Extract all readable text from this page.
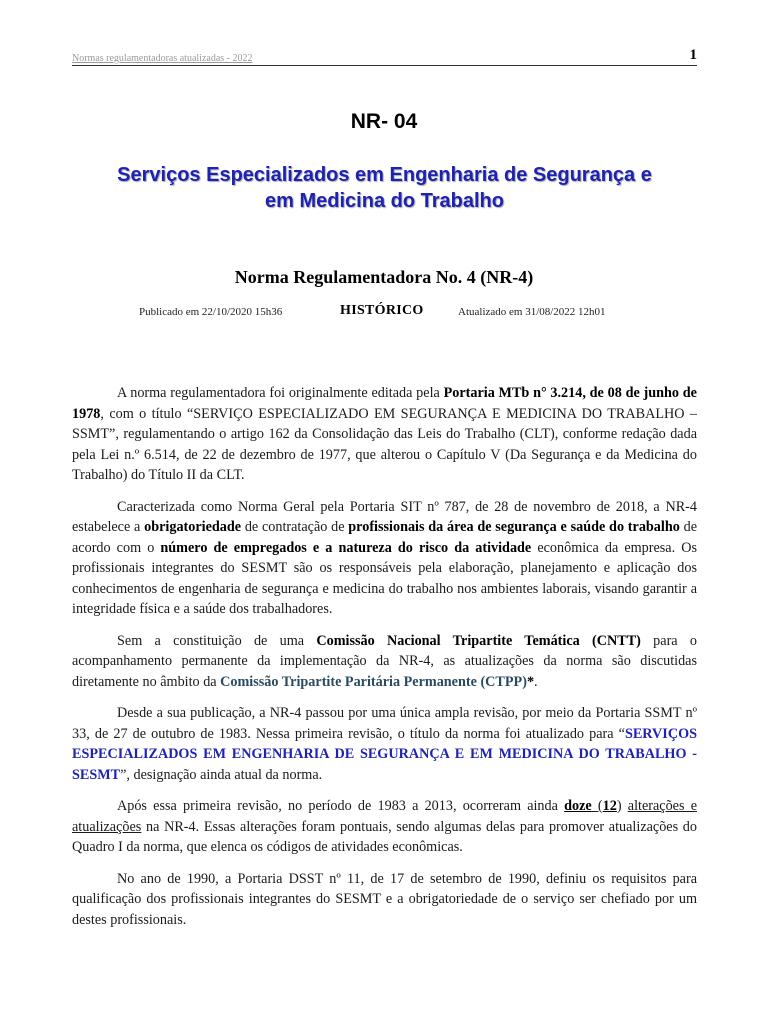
Normas regulamentadoras atualizadas - 2022	1
NR- 04
Serviços Especializados em Engenharia de Segurança e
em Medicina do Trabalho
Norma Regulamentadora No. 4 (NR-4)
Publicado em 22/10/2020 15h36	HISTÓRICO	Atualizado em 31/08/2022 12h01

A norma regulamentadora foi originalmente editada pela Portaria MTb n° 3.214, de 08 de junho de 1978, com o título “SERVIÇO ESPECIALIZADO EM SEGURANÇA E MEDICINA DO TRABALHO – SSMT”, regulamentando o artigo 162 da Consolidação das Leis do Trabalho (CLT), conforme redação dada pela Lei n.º 6.514, de 22 de dezembro de 1977, que alterou o Capítulo V (Da Segurança e da Medicina do Trabalho) do Título II da CLT.

Caracterizada como Norma Geral pela Portaria SIT nº 787, de 28 de novembro de 2018, a NR-4 estabelece a obrigatoriedade de contratação de profissionais da área de segurança e saúde do trabalho de acordo com o número de empregados e a natureza do risco da atividade econômica da empresa. Os profissionais integrantes do SESMT são os responsáveis pela elaboração, planejamento e aplicação dos conhecimentos de engenharia de segurança e medicina do trabalho nos ambientes laborais, visando garantir a integridade física e a saúde dos trabalhadores.

Sem a constituição de uma Comissão Nacional Tripartite Temática (CNTT) para o acompanhamento permanente da implementação da NR-4, as atualizações da norma são discutidas diretamente no âmbito da Comissão Tripartite Paritária Permanente (CTPP)*.

Desde a sua publicação, a NR-4 passou por uma única ampla revisão, por meio da Portaria SSMT nº 33, de 27 de outubro de 1983. Nessa primeira revisão, o título da norma foi atualizado para “SERVIÇOS ESPECIALIZADOS EM ENGENHARIA DE SEGURANÇA E EM MEDICINA DO TRABALHO - SESMT”, designação ainda atual da norma.

Após essa primeira revisão, no período de 1983 a 2013, ocorreram ainda doze (12) alterações e atualizações na NR-4. Essas alterações foram pontuais, sendo algumas delas para promover atualizações do Quadro I da norma, que elenca os códigos de atividades econômicas.

No ano de 1990, a Portaria DSST nº 11, de 17 de setembro de 1990, definiu os requisitos para qualificação dos profissionais integrantes do SESMT e a obrigatoriedade de o serviço ser chefiado por um destes profissionais.
